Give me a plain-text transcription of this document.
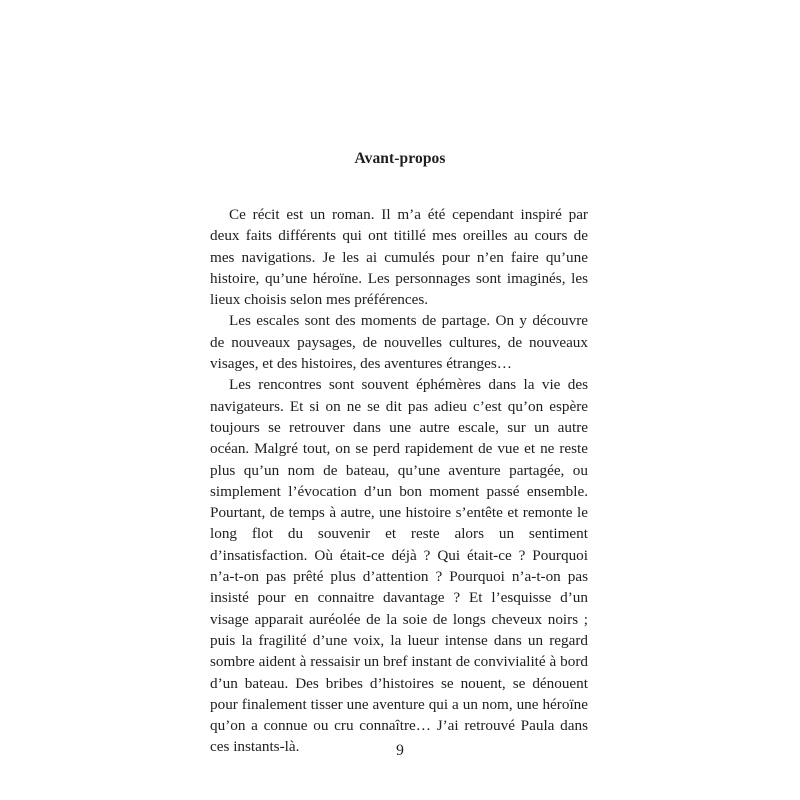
Avant-propos

Ce récit est un roman. Il m’a été cependant inspiré par deux faits différents qui ont titillé mes oreilles au cours de mes navigations. Je les ai cumulés pour n’en faire qu’une histoire, qu’une héroïne. Les personnages sont imaginés, les lieux choisis selon mes préférences.

Les escales sont des moments de partage. On y découvre de nouveaux paysages, de nouvelles cultures, de nouveaux visages, et des histoires, des aventures étranges…

Les rencontres sont souvent éphémères dans la vie des navigateurs. Et si on ne se dit pas adieu c’est qu’on espère toujours se retrouver dans une autre escale, sur un autre océan. Malgré tout, on se perd rapidement de vue et ne reste plus qu’un nom de bateau, qu’une aventure partagée, ou simplement l’évocation d’un bon moment passé ensemble. Pourtant, de temps à autre, une histoire s’entête et remonte le long flot du souvenir et reste alors un sentiment d’insatisfaction. Où était-ce déjà ? Qui était-ce ? Pourquoi n’a-t-on pas prêté plus d’attention ? Pourquoi n’a-t-on pas insisté pour en connaitre davantage ? Et l’esquisse d’un visage apparait auréolée de la soie de longs cheveux noirs ; puis la fragilité d’une voix, la lueur intense dans un regard sombre aident à ressaisir un bref instant de convivialité à bord d’un bateau. Des bribes d’histoires se nouent, se dénouent pour finalement tisser une aventure qui a un nom, une héroïne qu’on a connue ou cru connaître… J’ai retrouvé Paula dans ces instants-là.	9
